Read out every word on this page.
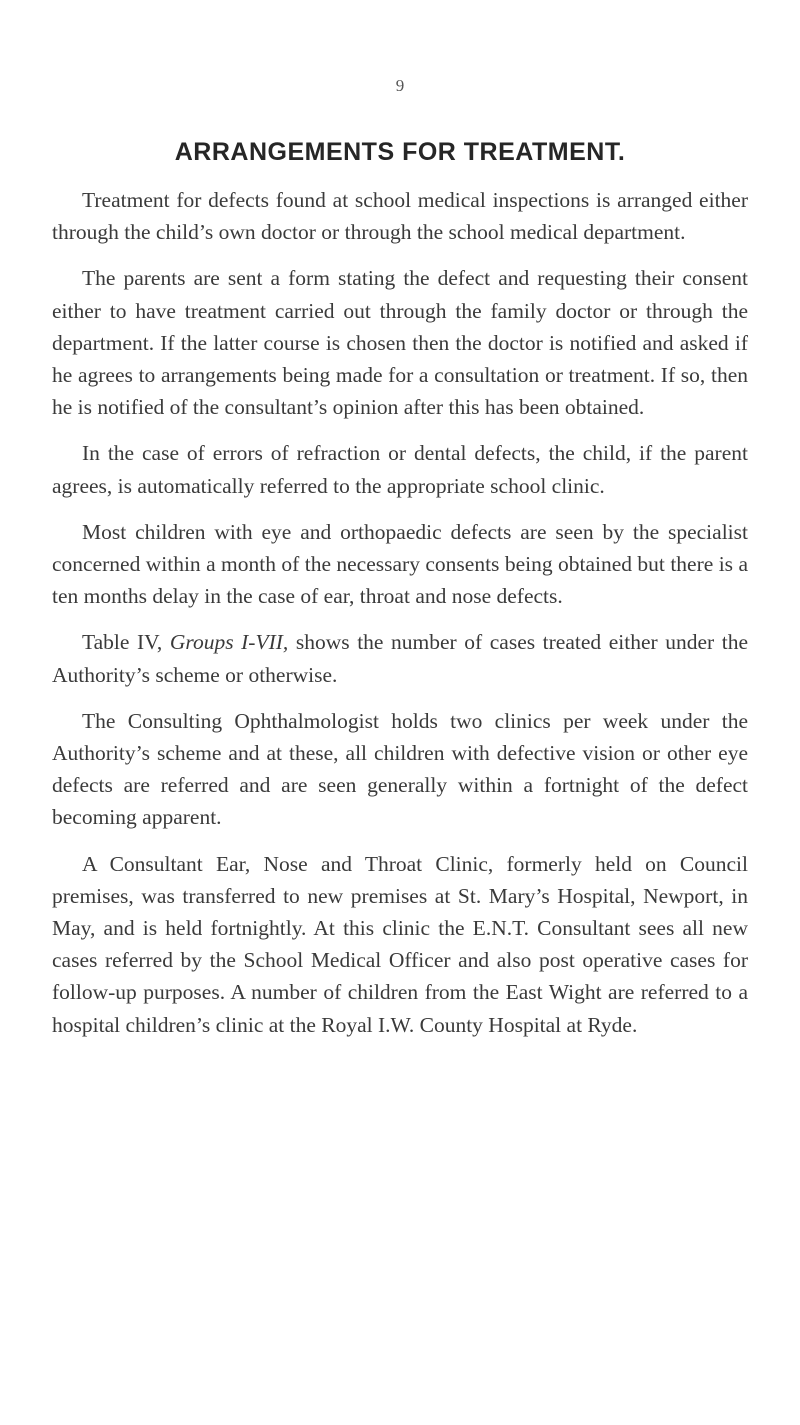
9

ARRANGEMENTS FOR TREATMENT.

Treatment for defects found at school medical inspections is arranged either through the child’s own doctor or through the school medical department.

The parents are sent a form stating the defect and requesting their consent either to have treatment carried out through the family doctor or through the department. If the latter course is chosen then the doctor is notified and asked if he agrees to arrangements being made for a consultation or treatment. If so, then he is notified of the consultant’s opinion after this has been obtained.

In the case of errors of refraction or dental defects, the child, if the parent agrees, is automatically referred to the appropriate school clinic.

Most children with eye and orthopaedic defects are seen by the specialist concerned within a month of the necessary consents being obtained but there is a ten months delay in the case of ear, throat and nose defects.

Table IV, Groups I-VII, shows the number of cases treated either under the Authority’s scheme or otherwise.

The Consulting Ophthalmologist holds two clinics per week under the Authority’s scheme and at these, all children with defective vision or other eye defects are referred and are seen generally within a fortnight of the defect becoming apparent.

A Consultant Ear, Nose and Throat Clinic, formerly held on Council premises, was transferred to new premises at St. Mary’s Hospital, Newport, in May, and is held fortnightly. At this clinic the E.N.T. Consultant sees all new cases referred by the School Medical Officer and also post operative cases for follow-up purposes. A number of children from the East Wight are referred to a hospital children’s clinic at the Royal I.W. County Hospital at Ryde.
